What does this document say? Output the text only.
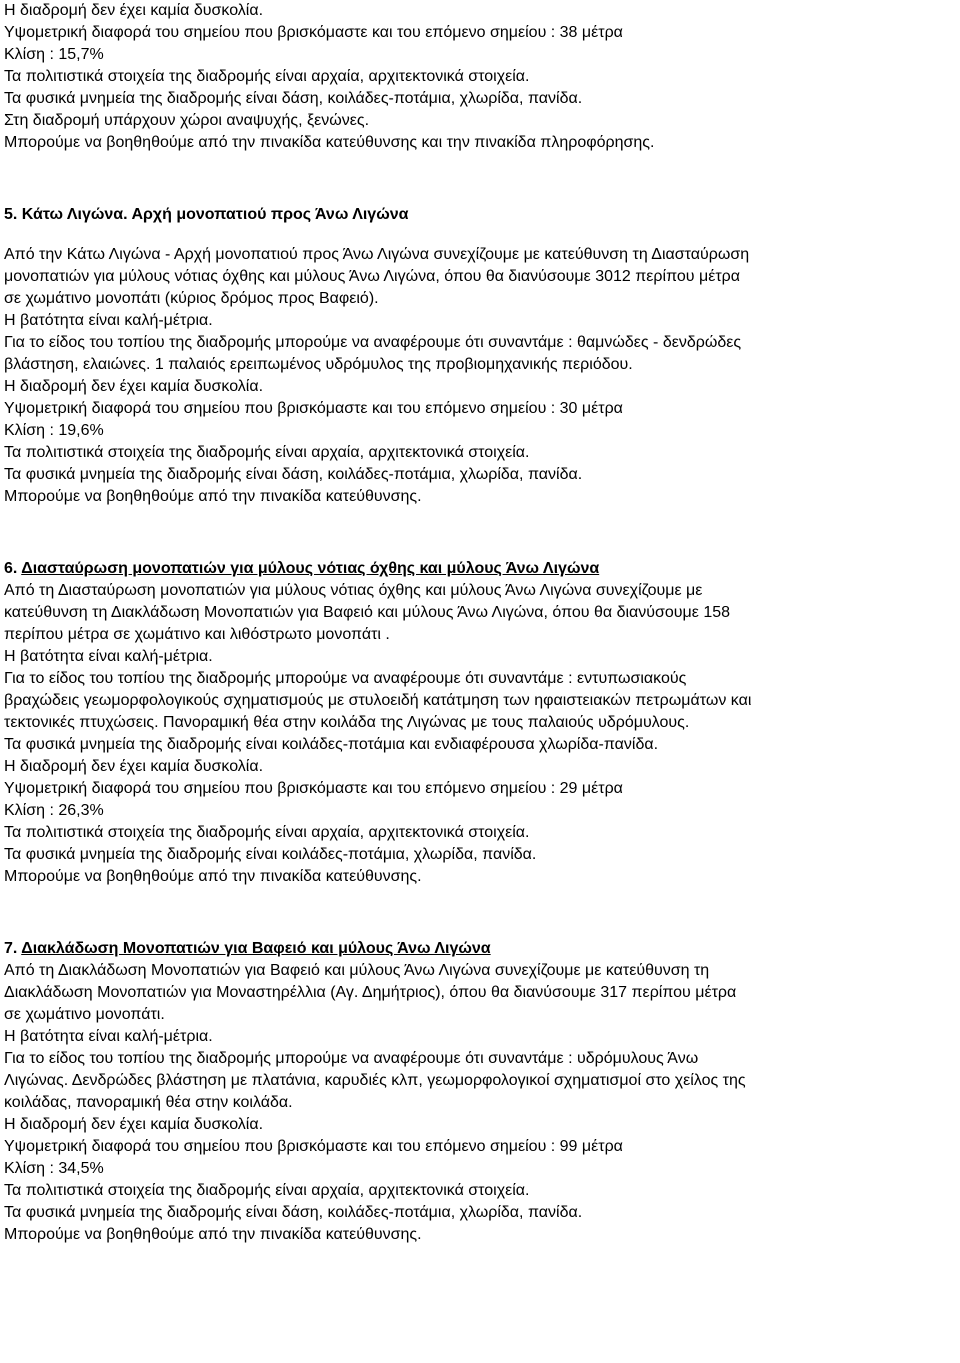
Η διαδρομή δεν έχει καμία δυσκολία.

Υψομετρική διαφορά του σημείου που βρισκόμαστε και του επόμενο σημείου : 38 μέτρα

Κλίση : 15,7%

Τα πολιτιστικά στοιχεία της διαδρομής είναι αρχαία, αρχιτεκτονικά στοιχεία.

Τα φυσικά μνημεία της διαδρομής είναι δάση, κοιλάδες-ποτάμια, χλωρίδα, πανίδα.

Στη διαδρομή υπάρχουν χώροι αναψυχής, ξενώνες.

Μπορούμε να βοηθηθούμε από την πινακίδα κατεύθυνσης και την πινακίδα πληροφόρησης.

5. Κάτω Λιγώνα. Αρχή μονοπατιού προς Άνω Λιγώνα

Από την Κάτω Λιγώνα - Αρχή μονοπατιού προς Άνω Λιγώνα συνεχίζουμε με κατεύθυνση τη Διασταύρωση

μονοπατιών για μύλους νότιας όχθης και μύλους Άνω Λιγώνα, όπου θα διανύσουμε 3012 περίπου μέτρα

σε χωμάτινο μονοπάτι (κύριος δρόμος προς Βαφειό).

Η βατότητα είναι καλή-μέτρια.

Για το είδος του τοπίου της διαδρομής μπορούμε να αναφέρουμε ότι συναντάμε : θαμνώδες - δενδρώδες

βλάστηση, ελαιώνες. 1 παλαιός ερειπωμένος υδρόμυλος της προβιομηχανικής περιόδου.

Η διαδρομή δεν έχει καμία δυσκολία.

Υψομετρική διαφορά του σημείου που βρισκόμαστε και του επόμενο σημείου : 30 μέτρα

Κλίση : 19,6%

Τα πολιτιστικά στοιχεία της διαδρομής είναι αρχαία, αρχιτεκτονικά στοιχεία.

Τα φυσικά μνημεία της διαδρομής είναι δάση, κοιλάδες-ποτάμια, χλωρίδα, πανίδα.

Μπορούμε να βοηθηθούμε από την πινακίδα κατεύθυνσης.

6. Διασταύρωση μονοπατιών για μύλους νότιας όχθης και μύλους Άνω Λιγώνα

Από τη Διασταύρωση μονοπατιών για μύλους νότιας όχθης και μύλους Άνω Λιγώνα συνεχίζουμε με

κατεύθυνση τη Διακλάδωση Μονοπατιών για Βαφειό και μύλους Άνω Λιγώνα, όπου θα διανύσουμε 158

περίπου μέτρα σε χωμάτινο και λιθόστρωτο μονοπάτι .

Η βατότητα είναι καλή-μέτρια.

Για το είδος του τοπίου της διαδρομής μπορούμε να αναφέρουμε ότι συναντάμε : εντυπωσιακούς

βραχώδεις γεωμορφολογικούς σχηματισμούς με στυλοειδή κατάτμηση των ηφαιστειακών πετρωμάτων και

τεκτονικές πτυχώσεις. Πανοραμική θέα στην κοιλάδα της Λιγώνας με τους παλαιούς υδρόμυλους.

Τα φυσικά μνημεία της διαδρομής είναι κοιλάδες-ποτάμια και ενδιαφέρουσα χλωρίδα-πανίδα.

Η διαδρομή δεν έχει καμία δυσκολία.

Υψομετρική διαφορά του σημείου που βρισκόμαστε και του επόμενο σημείου : 29 μέτρα

Κλίση : 26,3%

Τα πολιτιστικά στοιχεία της διαδρομής είναι αρχαία, αρχιτεκτονικά στοιχεία.

Τα φυσικά μνημεία της διαδρομής είναι κοιλάδες-ποτάμια, χλωρίδα, πανίδα.

Μπορούμε να βοηθηθούμε από την πινακίδα κατεύθυνσης.

7. Διακλάδωση Μονοπατιών για Βαφειό και μύλους Άνω Λιγώνα

Από τη Διακλάδωση Μονοπατιών για Βαφειό και μύλους Άνω Λιγώνα συνεχίζουμε με κατεύθυνση τη

Διακλάδωση Μονοπατιών για Μοναστηρέλλια (Αγ. Δημήτριος), όπου θα διανύσουμε 317 περίπου μέτρα

σε χωμάτινο μονοπάτι.

Η βατότητα είναι καλή-μέτρια.

Για το είδος του τοπίου της διαδρομής μπορούμε να αναφέρουμε ότι συναντάμε : υδρόμυλους Άνω

Λιγώνας. Δενδρώδες βλάστηση με πλατάνια, καρυδιές κλπ, γεωμορφολογικοί σχηματισμοί στο χείλος της

κοιλάδας, πανοραμική θέα στην κοιλάδα.

Η διαδρομή δεν έχει καμία δυσκολία.

Υψομετρική διαφορά του σημείου που βρισκόμαστε και του επόμενο σημείου : 99 μέτρα

Κλίση : 34,5%

Τα πολιτιστικά στοιχεία της διαδρομής είναι αρχαία, αρχιτεκτονικά στοιχεία.

Τα φυσικά μνημεία της διαδρομής είναι δάση, κοιλάδες-ποτάμια, χλωρίδα, πανίδα.

Μπορούμε να βοηθηθούμε από την πινακίδα κατεύθυνσης.
